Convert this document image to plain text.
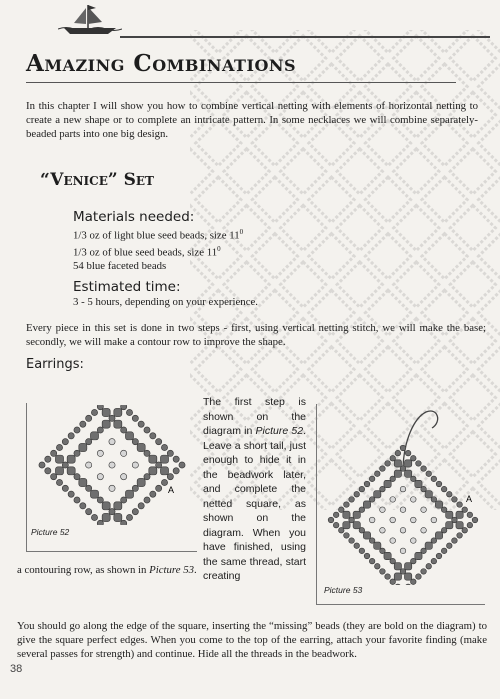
Amazing Combinations
In this chapter I will show you how to combine vertical netting with elements of horizontal netting to create a new shape or to complete an intricate pattern. In some necklaces we will combine separately-beaded parts into one big design.
“Venice” Set
Materials needed:
1/3 oz of light blue seed beads, size $11^0$
1/3 oz of blue seed beads, size $11^0$
54 blue faceted beads
Estimated time:
3 - 5 hours, depending on your experience.
Every piece in this set is done in two steps - first, using vertical netting stitch, we will make the base; secondly, we will make a contour row to improve the shape.
Earrings:
A
Picture 52
A
Picture 53
The first step is shown on the diagram in Picture 52. Leave a short tail, just enough to hide it in the beadwork later, and complete the netted square, as shown on the diagram. When you have finished, using the same thread, start creating
a contouring row, as shown in Picture 53.
You should go along the edge of the square, inserting the “missing” beads (they are bold on the diagram) to give the square perfect edges. When you come to the top of the earring, attach your favorite finding (make several passes for strength) and continue. Hide all the threads in the beadwork.
38
